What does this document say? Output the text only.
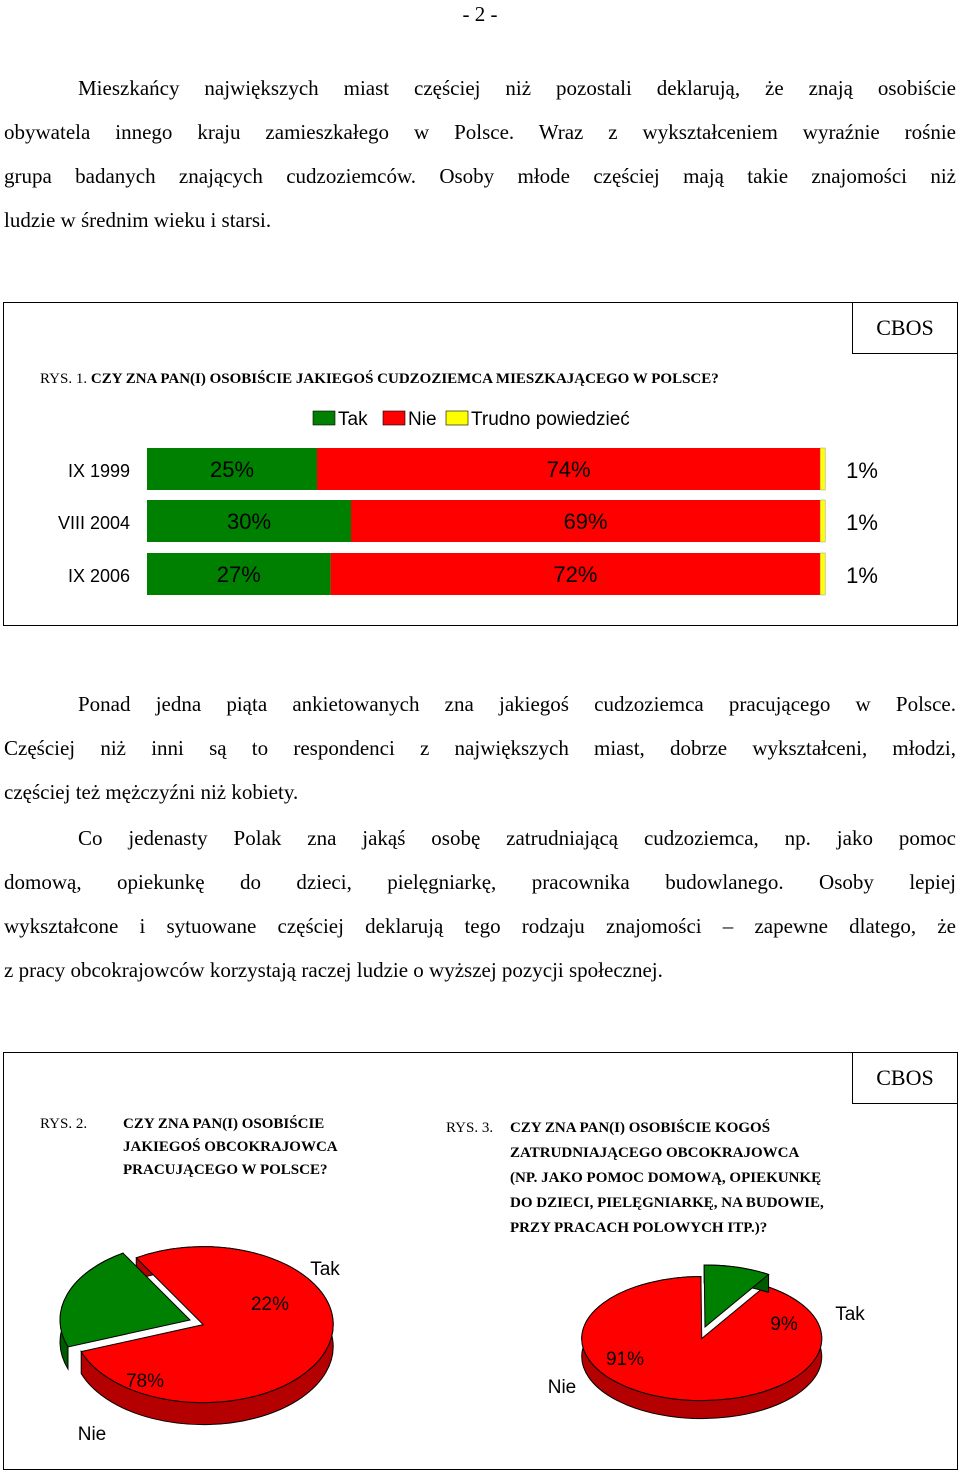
- 2 -
Mieszkańcy największych miast częściej niż pozostali deklarują, że znają osobiście
obywatela innego kraju zamieszkałego w Polsce. Wraz z wykształceniem wyraźnie rośnie
grupa badanych znających cudzoziemców. Osoby młode częściej mają takie znajomości niż
ludzie w średnim wieku i starsi.
CBOS
RYS. 1. CZY ZNA PAN(I) OSOBIŚCIE JAKIEGOŚ CUDZOZIEMCA MIESZKAJĄCEGO W POLSCE?
Tak Nie Trudno powiedzieć
IX 1999	25%	74%	1%
VIII 2004	30%	69%	1%
IX 2006	27%	72%	1%
Ponad jedna piąta ankietowanych zna jakiegoś cudzoziemca pracującego w Polsce.
Częściej niż inni są to respondenci z największych miast, dobrze wykształceni, młodzi,
częściej też mężczyźni niż kobiety.
Co jedenasty Polak zna jakąś osobę zatrudniającą cudzoziemca, np. jako pomoc
domową, opiekunkę do dzieci, pielęgniarkę, pracownika budowlanego. Osoby lepiej
wykształcone i sytuowane częściej deklarują tego rodzaju znajomości – zapewne dlatego, że
z pracy obcokrajowców korzystają raczej ludzie o wyższej pozycji społecznej.
CBOS
RYS. 2. CZY ZNA PAN(I) OSOBIŚCIE
JAKIEGOŚ OBCOKRAJOWCA
PRACUJĄCEGO W POLSCE?
RYS. 3. CZY ZNA PAN(I) OSOBIŚCIE KOGOŚ
ZATRUDNIAJĄCEGO OBCOKRAJOWCA
(NP. JAKO POMOC DOMOWĄ, OPIEKUNKĘ
DO DZIECI, PIELĘGNIARKĘ, NA BUDOWIE,
PRZY PRACACH POLOWYCH ITP.)?
22%
Tak
78%
Nie
9% Tak
91%
Nie
